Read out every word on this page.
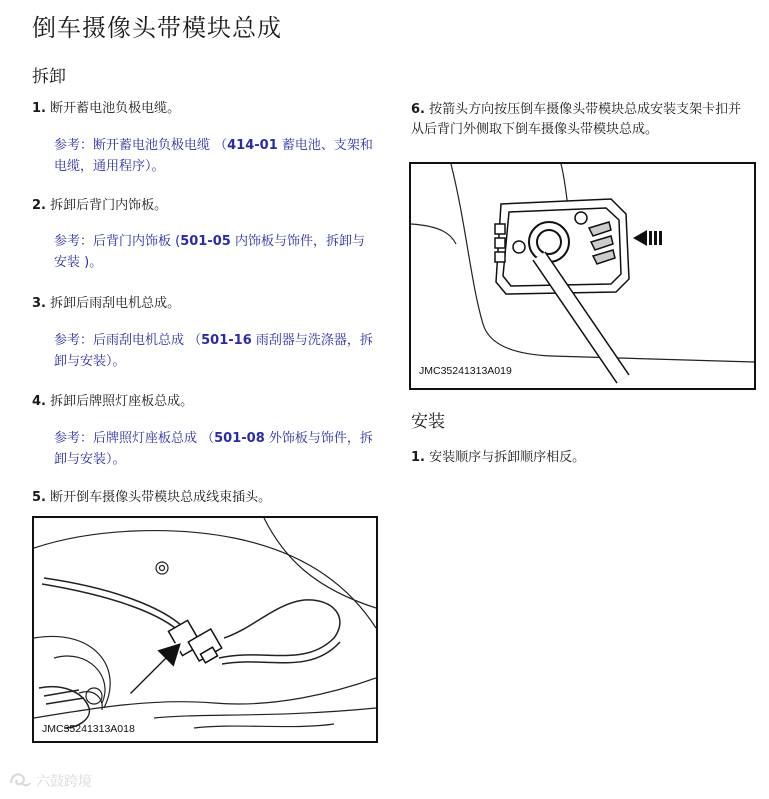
倒车摄像头带模块总成
拆卸
1. 断开蓄电池负极电缆。
参考：断开蓄电池负极电缆 （414-01 蓄电池、支架和电缆，通用程序）。
2. 拆卸后背门内饰板。
参考：后背门内饰板 (501-05 内饰板与饰件，拆卸与安装 )。
3. 拆卸后雨刮电机总成。
参考：后雨刮电机总成 （501-16 雨刮器与洗涤器，拆卸与安装）。
4. 拆卸后牌照灯座板总成。
参考：后牌照灯座板总成 （501-08 外饰板与饰件，拆卸与安装）。
5. 断开倒车摄像头带模块总成线束插头。
JMC35241313A018
6. 按箭头方向按压倒车摄像头带模块总成安装支架卡扣并从后背门外侧取下倒车摄像头带模块总成。
JMC35241313A019
安装
1. 安装顺序与拆卸顺序相反。
六鼓跨境
